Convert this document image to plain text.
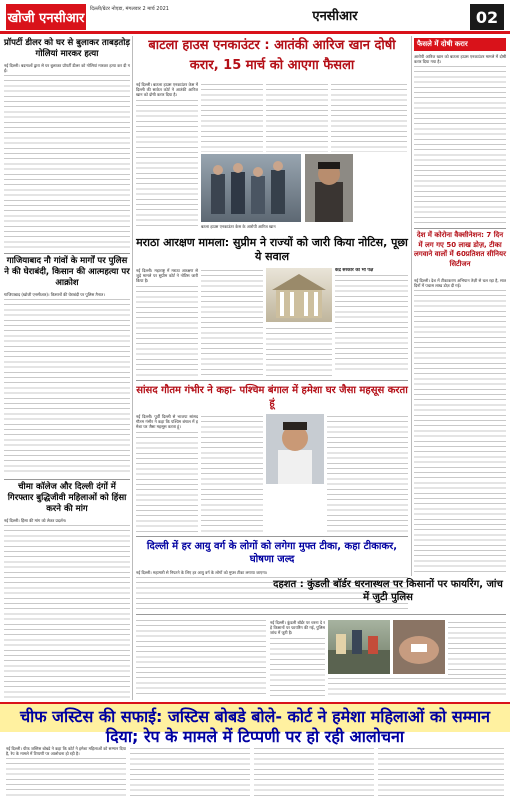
खोजी एनसीआर
दिल्ली/ग्रेटर नोएडा, मंगलवार 2 मार्च 2021	एनसीआर	02
प्रॉपर्टी डीलर को घर से बुलाकर ताबड़तोड़ गोलियां मारकर हत्या
नई दिल्ली। बदमाशों द्वारा से घर बुलाकर प्रॉपर्टी डीलर को गोलियां मारकर हत्या कर दी गई।
गाजियाबाद नौ गांवों के मार्गों पर पुलिस ने की घेराबंदी, किसान की आत्महत्या पर आक्रोश
गाजियाबाद (खोजी एनसीआर)। किसानों की घेराबंदी पर पुलिस तैनात।
चीमा कॉलेज और दिल्ली दंगों में गिरफ्तार बुद्धिजीवी महिलाओं को हिंसा करने की मांग
नई दिल्ली। हिंसा की मांग को लेकर प्रदर्शन।
बाटला हाउस एनकाउंटर : आतंकी आरिज खान दोषी करार, 15 मार्च को आएगा फैसला
नई दिल्ली। बाटला हाउस एनकाउंटर केस में दिल्ली की साकेत कोर्ट ने आतंकी आरिज खान को दोषी करार दिया है।
बटला हाउस एनकाउंटर केस के आरोपी आरिज खान
मराठा आरक्षण मामला: सुप्रीम ने राज्यों को जारी किया नोटिस, पूछा ये सवाल
नई दिल्ली। महाराष्ट्र में मराठा आरक्षण से जुड़े मामले पर सुप्रीम कोर्ट ने नोटिस जारी किया है।
केंद्र सरकार का भी पक्ष
सांसद गौतम गंभीर ने कहा- पश्चिम बंगाल में हमेशा घर जैसा महसूस करता हूं
नई दिल्ली। पूर्वी दिल्ली से भाजपा सांसद गौतम गंभीर ने कहा कि पश्चिम बंगाल में हमेशा घर जैसा महसूस करता हूं।
दिल्ली में हर आयु वर्ग के लोगों को लगेगा मुफ्त टीका, कहा टीकाकर, घोषणा जल्द
नई दिल्ली। महामारी से निपटने के लिए हर आयु वर्ग के लोगों को मुफ्त टीका लगाया जाएगा।
दहशत : कुंडली बॉर्डर धरनास्थल पर किसानों पर फायरिंग, जांच में जुटी पुलिस
नई दिल्ली। कुंडली बॉर्डर पर धरना दे रहे किसानों पर फायरिंग की गई, पुलिस जांच में जुटी है।
फैसले में दोषी करार
आरोपी आरिज खान को बाटला हाउस एनकाउंटर मामले में दोषी करार दिया गया है।
देश में कोरोना वैक्सीनेशन: 7 दिन में लग गए 50 लाख डोज़, टीका लगवाने वालों में 60प्रतिशत सीनियर सिटीजन
नई दिल्ली। देश में टीकाकरण अभियान तेज़ी से चल रहा है, सात दिनों में पचास लाख डोज़ दी गई।
चीफ जस्टिस की सफाई: जस्टिस बोबडे बोले- कोर्ट ने हमेशा महिलाओं को सम्मान दिया; रेप के मामले में टिप्पणी पर हो रही आलोचना
नई दिल्ली। चीफ जस्टिस बोबडे ने कहा कि कोर्ट ने हमेशा महिलाओं को सम्मान दिया है, रेप के मामले में टिप्पणी पर आलोचना हो रही है।
